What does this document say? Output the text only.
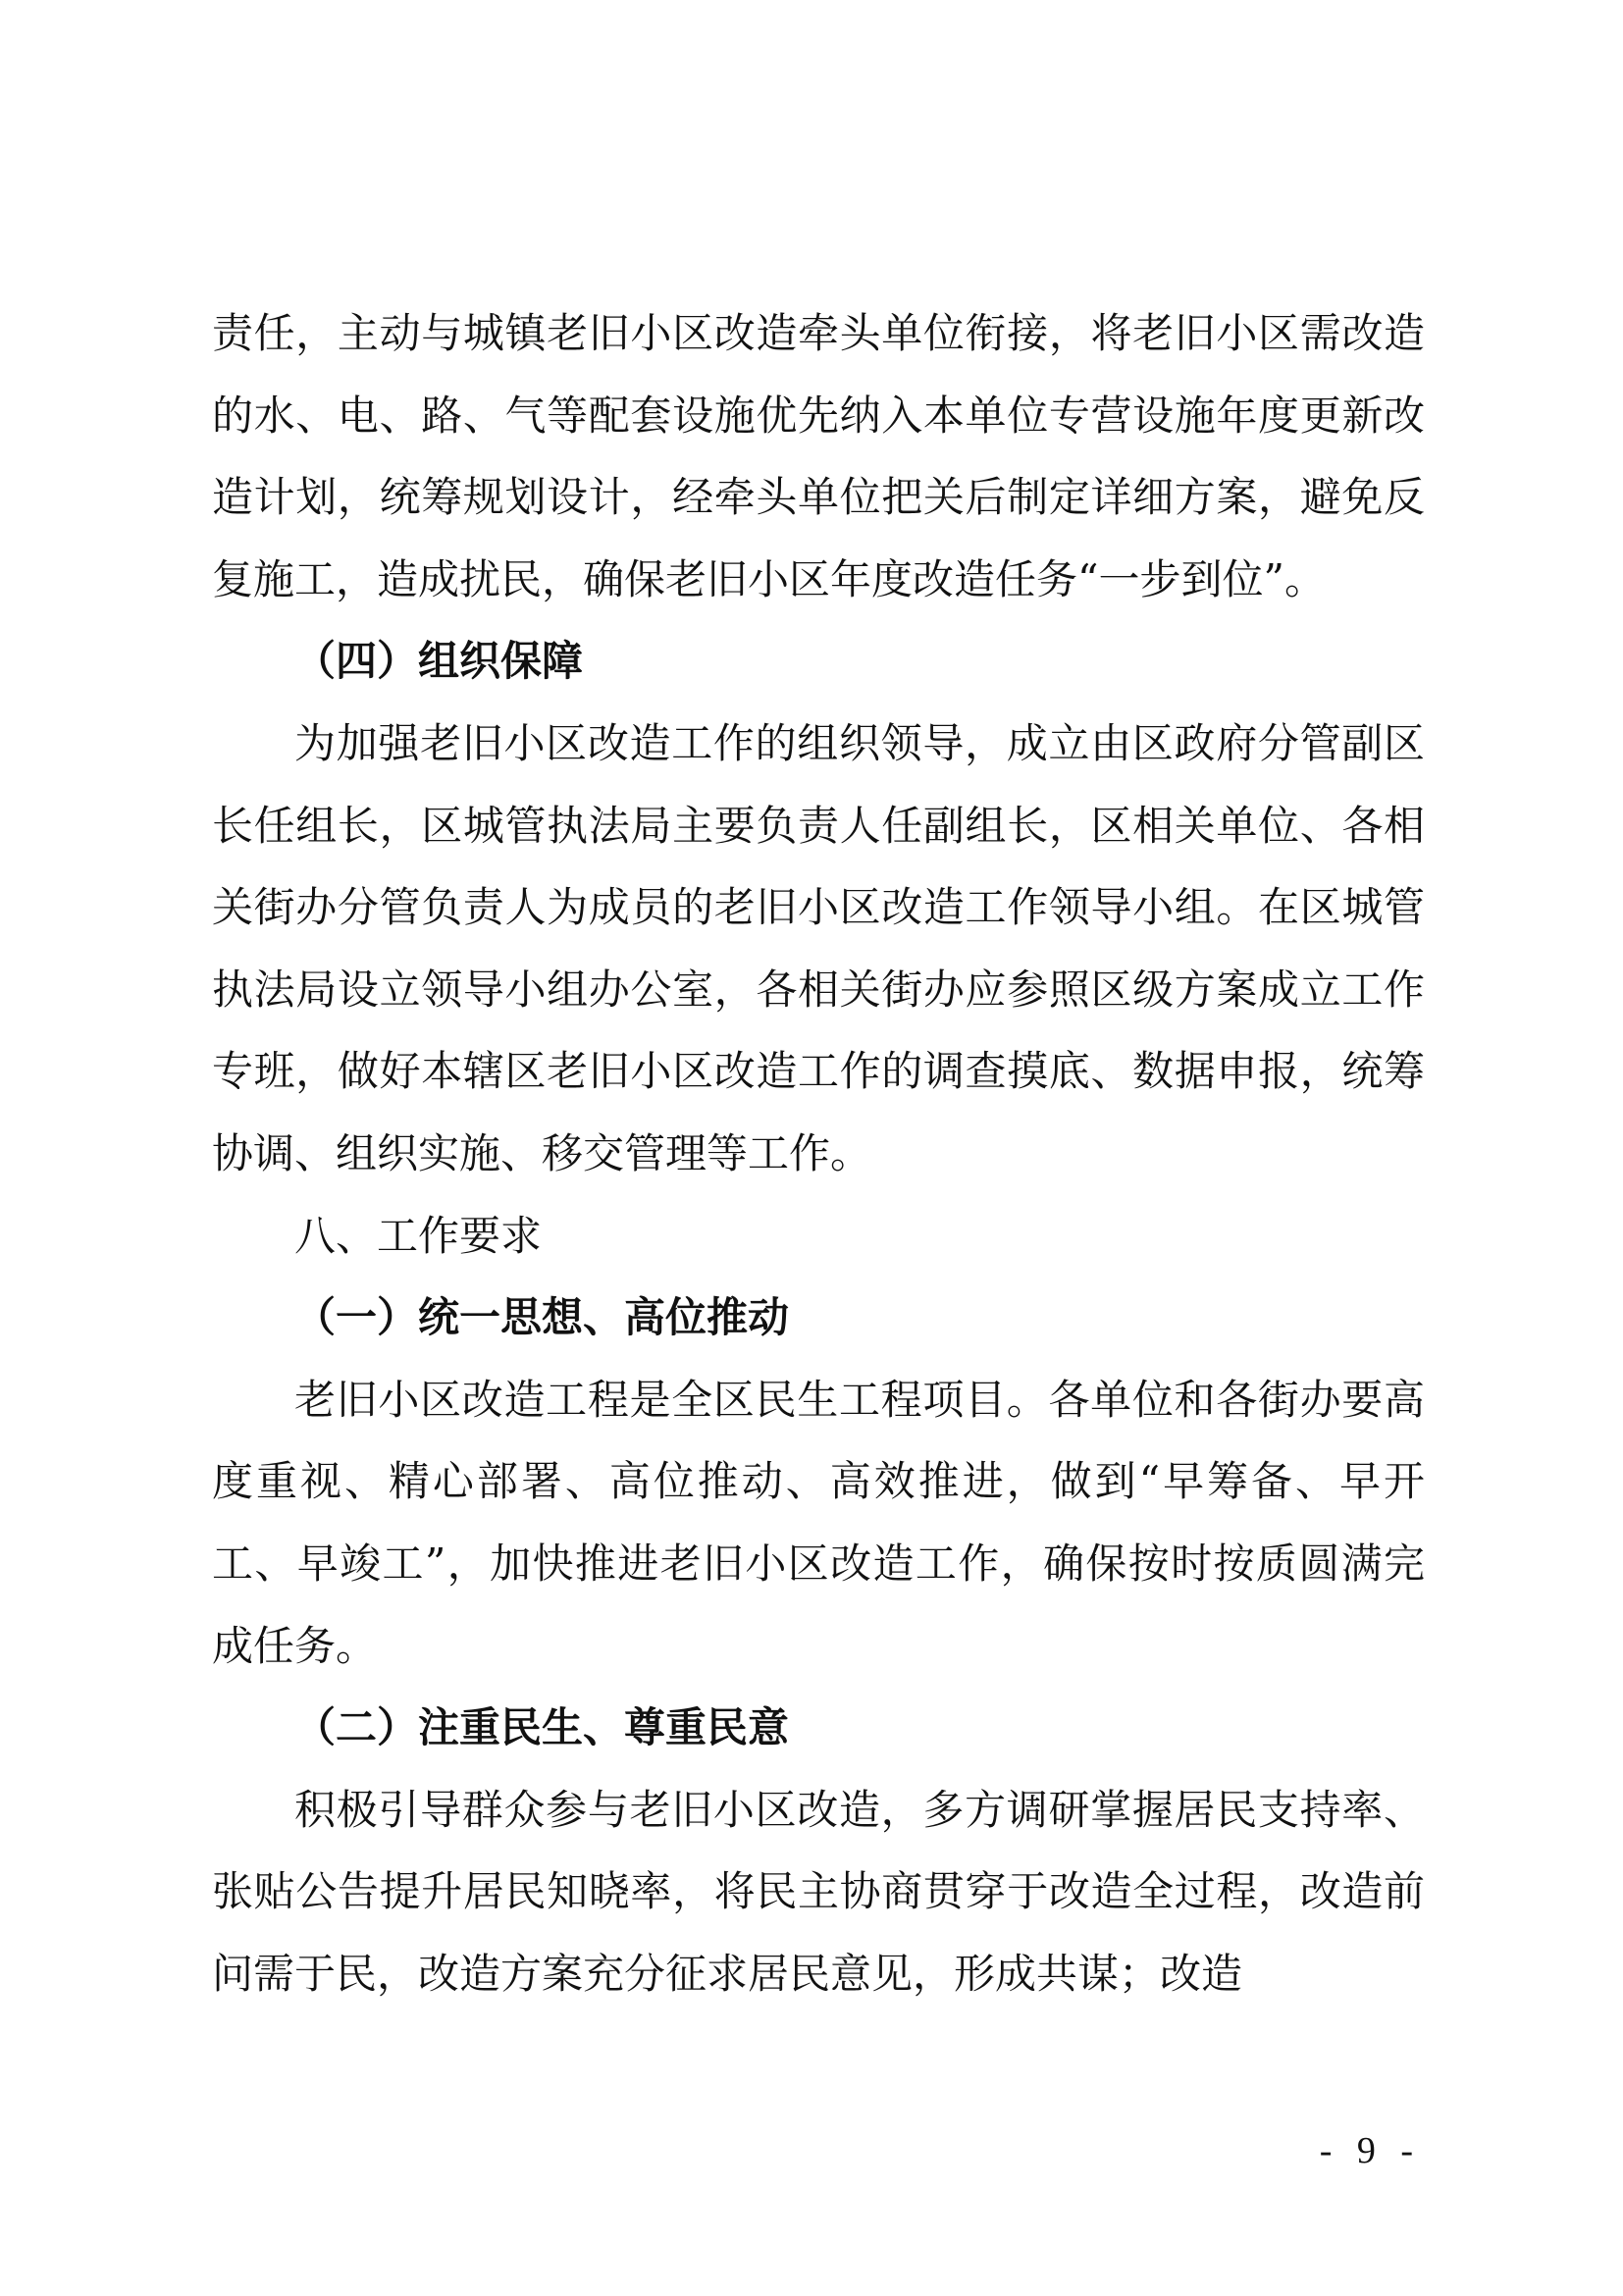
责任，主动与城镇老旧小区改造牵头单位衔接，将老旧小区需改造的水、电、路、气等配套设施优先纳入本单位专营设施年度更新改造计划，统筹规划设计，经牵头单位把关后制定详细方案，避免反复施工，造成扰民，确保老旧小区年度改造任务“一步到位”。

（四）组织保障

为加强老旧小区改造工作的组织领导，成立由区政府分管副区长任组长，区城管执法局主要负责人任副组长，区相关单位、各相关街办分管负责人为成员的老旧小区改造工作领导小组。在区城管执法局设立领导小组办公室，各相关街办应参照区级方案成立工作专班，做好本辖区老旧小区改造工作的调查摸底、数据申报，统筹协调、组织实施、移交管理等工作。

八、工作要求

（一）统一思想、高位推动

老旧小区改造工程是全区民生工程项目。各单位和各街办要高度重视、精心部署、高位推动、高效推进，做到“早筹备、早开工、早竣工”，加快推进老旧小区改造工作，确保按时按质圆满完成任务。

（二）注重民生、尊重民意

积极引导群众参与老旧小区改造，多方调研掌握居民支持率、张贴公告提升居民知晓率，将民主协商贯穿于改造全过程，改造前问需于民，改造方案充分征求居民意见，形成共谋；改造

- 9 -
